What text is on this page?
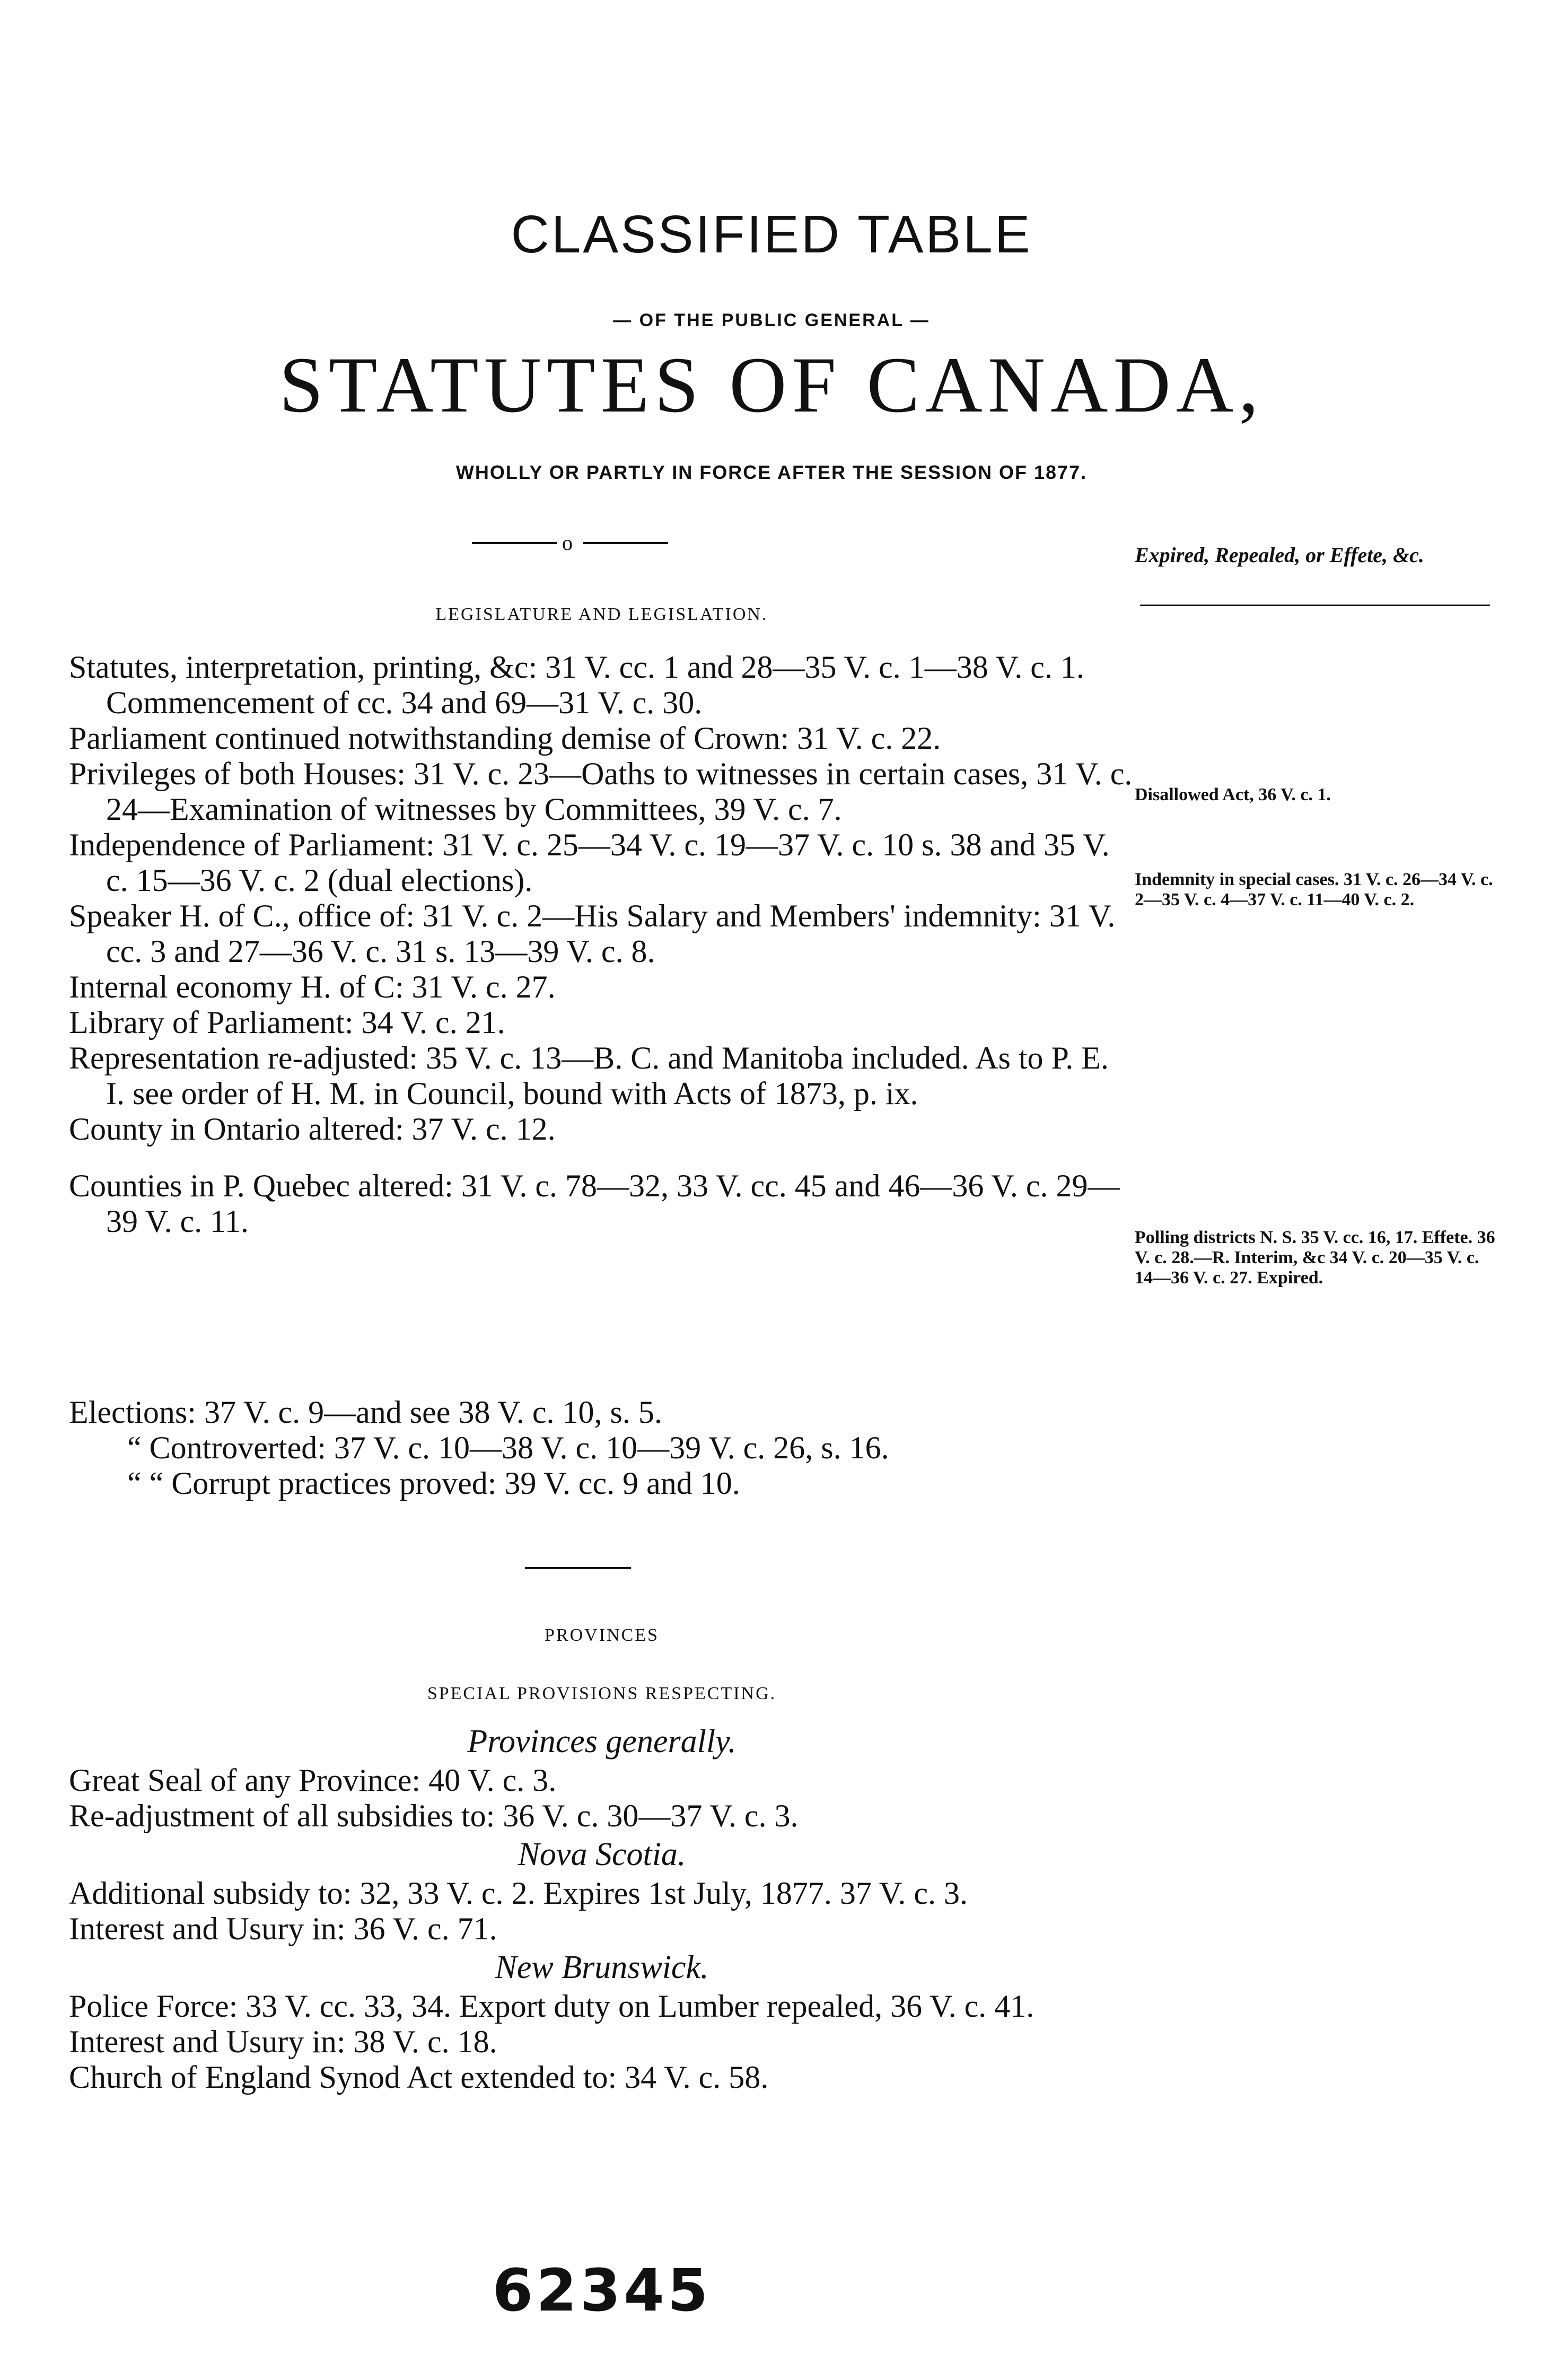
CLASSIFIED TABLE
— OF THE PUBLIC GENERAL —
STATUTES OF CANADA,
WHOLLY OR PARTLY IN FORCE AFTER THE SESSION OF 1877.
o
Expired, Repealed, or Effete, &c.
LEGISLATURE AND LEGISLATION.

Statutes, interpretation, printing, &c: 31 V. cc. 1 and 28—35 V. c. 1—38 V. c. 1. Commencement of cc. 34 and 69—31 V. c. 30.

Parliament continued notwithstanding demise of Crown: 31 V. c. 22.

Privileges of both Houses: 31 V. c. 23—Oaths to witnesses in certain cases, 31 V. c. 24—Examination of witnesses by Committees, 39 V. c. 7.

Independence of Parliament: 31 V. c. 25—34 V. c. 19—37 V. c. 10 s. 38 and 35 V. c. 15—36 V. c. 2 (dual elections).

Speaker H. of C., office of: 31 V. c. 2—His Salary and Members' indemnity: 31 V. cc. 3 and 27—36 V. c. 31 s. 13—39 V. c. 8.

Internal economy H. of C: 31 V. c. 27.

Library of Parliament: 34 V. c. 21.

Representation re-adjusted: 35 V. c. 13—B. C. and Manitoba included. As to P. E. I. see order of H. M. in Council, bound with Acts of 1873, p. ix.

County in Ontario altered: 37 V. c. 12.

Counties in P. Quebec altered: 31 V. c. 78—32, 33 V. cc. 45 and 46—36 V. c. 29—39 V. c. 11.

Elections: 37 V. c. 9—and see 38 V. c. 10, s. 5.

“ Controverted: 37 V. c. 10—38 V. c. 10—39 V. c. 26, s. 16.

“ “ Corrupt practices proved: 39 V. cc. 9 and 10.

Disallowed Act, 36 V. c. 1.
Indemnity in special cases. 31 V. c. 26—34 V. c. 2—35 V. c. 4—37 V. c. 11—40 V. c. 2.
Polling districts N. S. 35 V. cc. 16, 17. Effete. 36 V. c. 28.—R. Interim, &c 34 V. c. 20—35 V. c. 14—36 V. c. 27. Expired.
PROVINCES
SPECIAL PROVISIONS RESPECTING.
Provinces generally.

Great Seal of any Province: 40 V. c. 3.

Re-adjustment of all subsidies to: 36 V. c. 30—37 V. c. 3.

Nova Scotia.

Additional subsidy to: 32, 33 V. c. 2. Expires 1st July, 1877. 37 V. c. 3.

Interest and Usury in: 36 V. c. 71.

New Brunswick.

Police Force: 33 V. cc. 33, 34. Export duty on Lumber repealed, 36 V. c. 41.

Interest and Usury in: 38 V. c. 18.

Church of England Synod Act extended to: 34 V. c. 58.

62345
